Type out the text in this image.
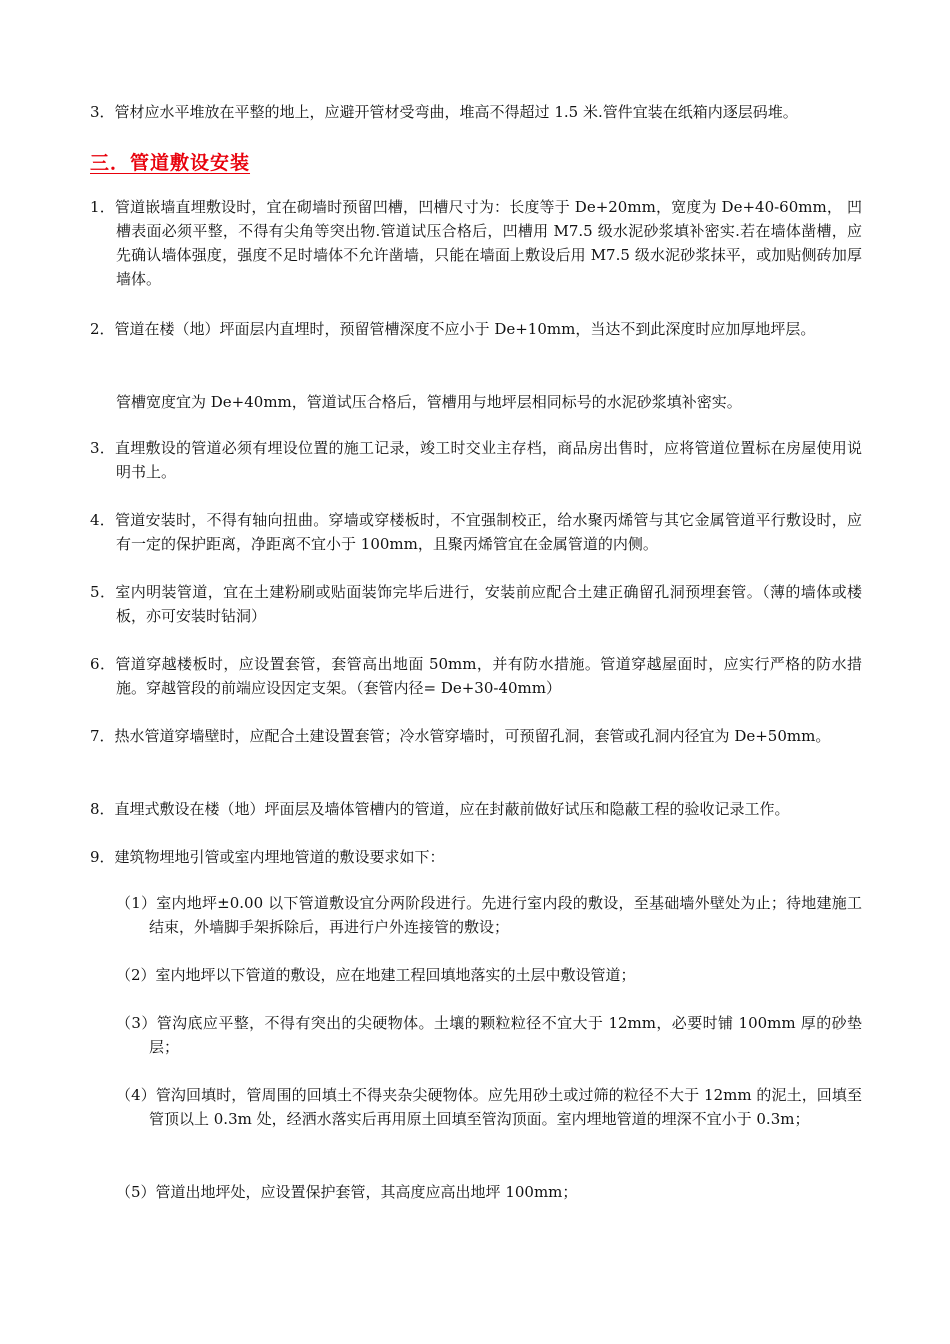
3．管材应水平堆放在平整的地上，应避开管材受弯曲，堆高不得超过 1.5 米.管件宜装在纸箱内逐层码堆。
三．管道敷设安装
1．管道嵌墙直埋敷设时，宜在砌墙时预留凹槽，凹槽尺寸为：长度等于 De+20mm，宽度为 De+40-60mm， 凹槽表面必须平整，不得有尖角等突出物.管道试压合格后，凹槽用 M7.5 级水泥砂浆填补密实.若在墙体凿槽，应先确认墙体强度，强度不足时墙体不允许凿墙，只能在墙面上敷设后用 M7.5 级水泥砂浆抹平，或加贴侧砖加厚墙体。
2．管道在楼（地）坪面层内直埋时，预留管槽深度不应小于 De+10mm，当达不到此深度时应加厚地坪层。
管槽宽度宜为 De+40mm，管道试压合格后，管槽用与地坪层相同标号的水泥砂浆填补密实。
3．直埋敷设的管道必须有埋设位置的施工记录，竣工时交业主存档，商品房出售时，应将管道位置标在房屋使用说明书上。
4．管道安装时，不得有轴向扭曲。穿墙或穿楼板时，不宜强制校正，给水聚丙烯管与其它金属管道平行敷设时，应有一定的保护距离，净距离不宜小于 100mm，且聚丙烯管宜在金属管道的内侧。
5．室内明装管道，宜在土建粉刷或贴面装饰完毕后进行，安装前应配合土建正确留孔洞预埋套管。（薄的墙体或楼板，亦可安装时钻洞）
6．管道穿越楼板时，应设置套管，套管高出地面 50mm，并有防水措施。管道穿越屋面时，应实行严格的防水措施。穿越管段的前端应设因定支架。（套管内径= De+30-40mm）
7．热水管道穿墙壁时，应配合土建设置套管；冷水管穿墙时，可预留孔洞，套管或孔洞内径宜为 De+50mm。
8．直埋式敷设在楼（地）坪面层及墙体管槽内的管道，应在封蔽前做好试压和隐蔽工程的验收记录工作。
9．建筑物埋地引管或室内埋地管道的敷设要求如下：
（1）室内地坪±0.00 以下管道敷设宜分两阶段进行。先进行室内段的敷设，至基础墙外壁处为止；待地建施工结束，外墙脚手架拆除后，再进行户外连接管的敷设；
（2）室内地坪以下管道的敷设，应在地建工程回填地落实的土层中敷设管道；
（3）管沟底应平整，不得有突出的尖硬物体。土壤的颗粒粒径不宜大于 12mm，必要时铺 100mm 厚的砂垫层；
（4）管沟回填时，管周围的回填土不得夹杂尖硬物体。应先用砂土或过筛的粒径不大于 12mm 的泥土，回填至管顶以上 0.3m 处，经洒水落实后再用原土回填至管沟顶面。室内埋地管道的埋深不宜小于 0.3m；
（5）管道出地坪处，应设置保护套管，其高度应高出地坪 100mm；
